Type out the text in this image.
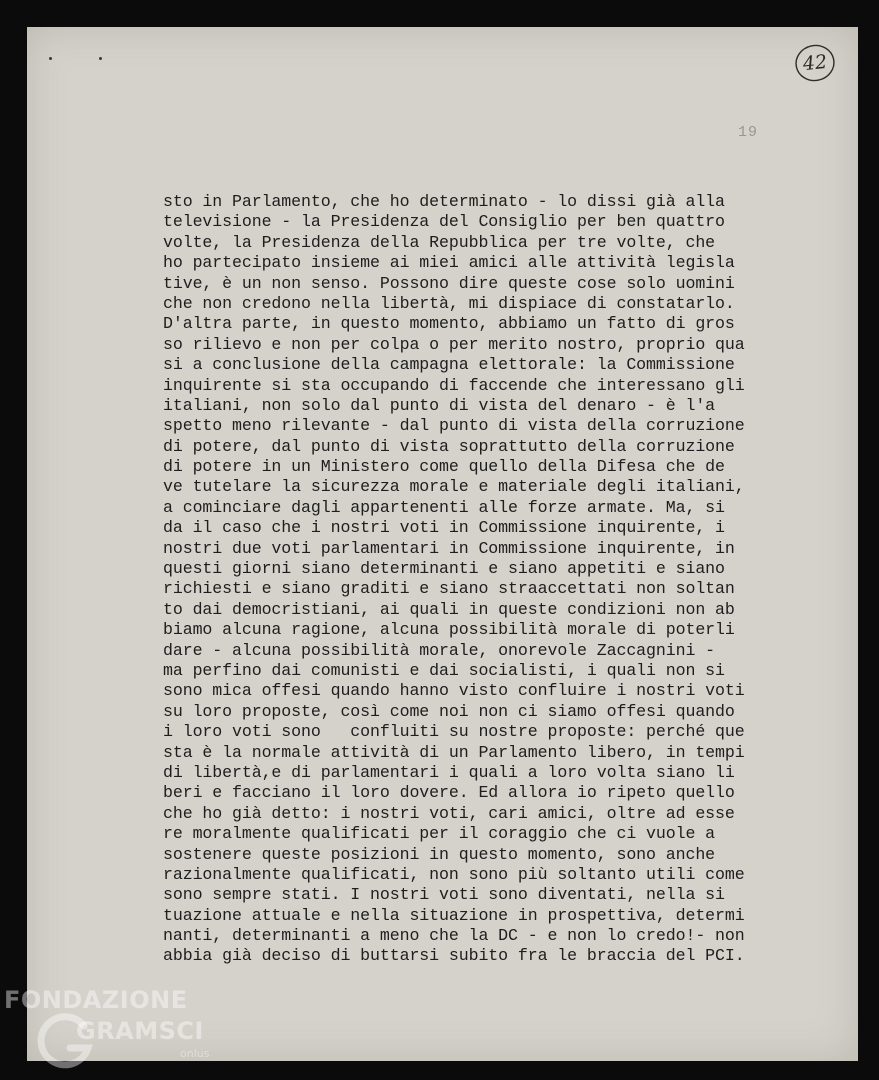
42
19
sto in Parlamento, che ho determinato - lo dissi già alla
televisione - la Presidenza del Consiglio per ben quattro
volte, la Presidenza della Repubblica per tre volte, che
ho partecipato insieme ai miei amici alle attività legisla
tive, è un non senso. Possono dire queste cose solo uomini
che non credono nella libertà, mi dispiace di constatarlo.
D'altra parte, in questo momento, abbiamo un fatto di gros
so rilievo e non per colpa o per merito nostro, proprio qua
si a conclusione della campagna elettorale: la Commissione
inquirente si sta occupando di faccende che interessano gli
italiani, non solo dal punto di vista del denaro - è l'a
spetto meno rilevante - dal punto di vista della corruzione
di potere, dal punto di vista soprattutto della corruzione
di potere in un Ministero come quello della Difesa che de
ve tutelare la sicurezza morale e materiale degli italiani,
a cominciare dagli appartenenti alle forze armate. Ma, si
da il caso che i nostri voti in Commissione inquirente, i
nostri due voti parlamentari in Commissione inquirente, in
questi giorni siano determinanti e siano appetiti e siano
richiesti e siano graditi e siano straaccettati non soltan
to dai democristiani, ai quali in queste condizioni non ab
biamo alcuna ragione, alcuna possibilità morale di poterli
dare - alcuna possibilità morale, onorevole Zaccagnini -
ma perfino dai comunisti e dai socialisti, i quali non si
sono mica offesi quando hanno visto confluire i nostri voti
su loro proposte, così come noi non ci siamo offesi quando
i loro voti sono   confluiti su nostre proposte: perché que
sta è la normale attività di un Parlamento libero, in tempi
di libertà,e di parlamentari i quali a loro volta siano li
beri e facciano il loro dovere. Ed allora io ripeto quello
che ho già detto: i nostri voti, cari amici, oltre ad esse
re moralmente qualificati per il coraggio che ci vuole a
sostenere queste posizioni in questo momento, sono anche
razionalmente qualificati, non sono più soltanto utili come
sono sempre stati. I nostri voti sono diventati, nella si
tuazione attuale e nella situazione in prospettiva, determi
nanti, determinanti a meno che la DC - e non lo credo!- non
abbia già deciso di buttarsi subito fra le braccia del PCI.
FONDAZIONE
GRAMSCI
onlus
